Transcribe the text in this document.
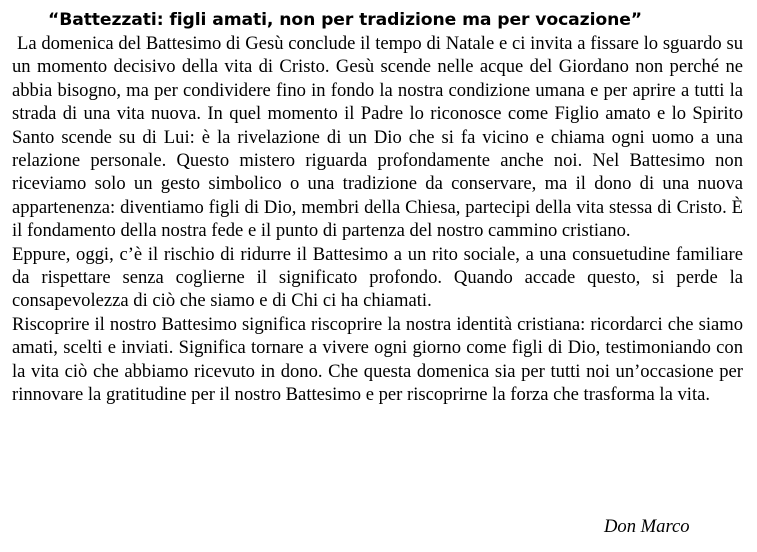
“Battezzati: figli amati, non per tradizione ma per vocazione”

La domenica del Battesimo di Gesù conclude il tempo di Natale e ci invita a fissare lo sguardo su un momento decisivo della vita di Cristo. Gesù scende nelle acque del Giordano non perché ne abbia bisogno, ma per condividere fino in fondo la nostra condizione umana e per aprire a tutti la strada di una vita nuova. In quel momento il Padre lo riconosce come Figlio amato e lo Spirito Santo scende su di Lui: è la rivelazione di un Dio che si fa vicino e chiama ogni uomo a una relazione personale. Questo mistero riguarda profondamente anche noi. Nel Battesimo non riceviamo solo un gesto simbolico o una tradizione da conservare, ma il dono di una nuova appartenenza: diventiamo figli di Dio, membri della Chiesa, partecipi della vita stessa di Cristo. È il fondamento della nostra fede e il punto di partenza del nostro cammino cristiano.

Eppure, oggi, c’è il rischio di ridurre il Battesimo a un rito sociale, a una consuetudine familiare da rispettare senza coglierne il significato profondo. Quando accade questo, si perde la consapevolezza di ciò che siamo e di Chi ci ha chiamati.

Riscoprire il nostro Battesimo significa riscoprire la nostra identità cristiana: ricordarci che siamo amati, scelti e inviati. Significa tornare a vivere ogni giorno come figli di Dio, testimoniando con la vita ciò che abbiamo ricevuto in dono. Che questa domenica sia per tutti noi un’occasione per rinnovare la gratitudine per il nostro Battesimo e per riscoprirne la forza che trasforma la vita.

Don Marco
